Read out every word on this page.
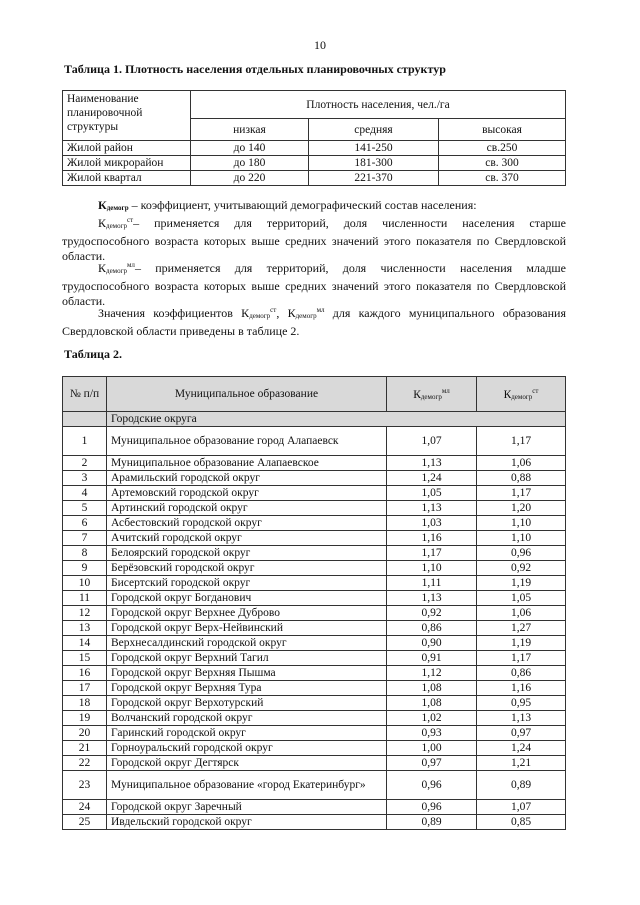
10
Таблица 1. Плотность населения отдельных планировочных структур
Наименование планировочной структуры	Плотность населения, чел./га		
	низкая	средняя	высокая
Жилой район	до 140	141-250	св.250
Жилой микрорайон	до 180	181-300	св. 300
Жилой квартал	до 220	221-370	св. 370
$К_{демогр}$ – коэффициент, учитывающий демографический состав населения:
$К_{демогр}^{ст}-$ применяется для территорий, доля численности населения старше трудоспособного возраста которых выше средних значений этого показателя по Свердловской области.
$К_{демогр}^{мл}-$ применяется для территорий, доля численности населения младше трудоспособного возраста которых выше средних значений этого показателя по Свердловской области.
Значения коэффициентов $К_{демогр}^{ст}$, $К_{демогр}^{мл}$ для каждого муниципального образования Свердловской области приведены в таблице 2.
Таблица 2.
№ п/п	Муниципальное образование	$К_{демогр}^{мл}$	$К_{демогр}^{ст}$
	Городские округа		
1	Муниципальное образование город Алапаевск	1,07	1,17
2	Муниципальное образование Алапаевское	1,13	1,06
3	Арамильский городской округ	1,24	0,88
4	Артемовский городской округ	1,05	1,17
5	Артинский городской округ	1,13	1,20
6	Асбестовский городской округ	1,03	1,10
7	Ачитский городской округ	1,16	1,10
8	Белоярский городской округ	1,17	0,96
9	Берёзовский городской округ	1,10	0,92
10	Бисертский городской округ	1,11	1,19
11	Городской округ Богданович	1,13	1,05
12	Городской округ Верхнее Дуброво	0,92	1,06
13	Городской округ Верх-Нейвинский	0,86	1,27
14	Верхнесалдинский городской округ	0,90	1,19
15	Городской округ Верхний Тагил	0,91	1,17
16	Городской округ Верхняя Пышма	1,12	0,86
17	Городской округ Верхняя Тура	1,08	1,16
18	Городской округ Верхотурский	1,08	0,95
19	Волчанский городской округ	1,02	1,13
20	Гаринский городской округ	0,93	0,97
21	Горноуральский городской округ	1,00	1,24
22	Городской округ Дегтярск	0,97	1,21
23	Муниципальное образование «город Екатеринбург»	0,96	0,89
24	Городской округ Заречный	0,96	1,07
25	Ивдельский городской округ	0,89	0,85
